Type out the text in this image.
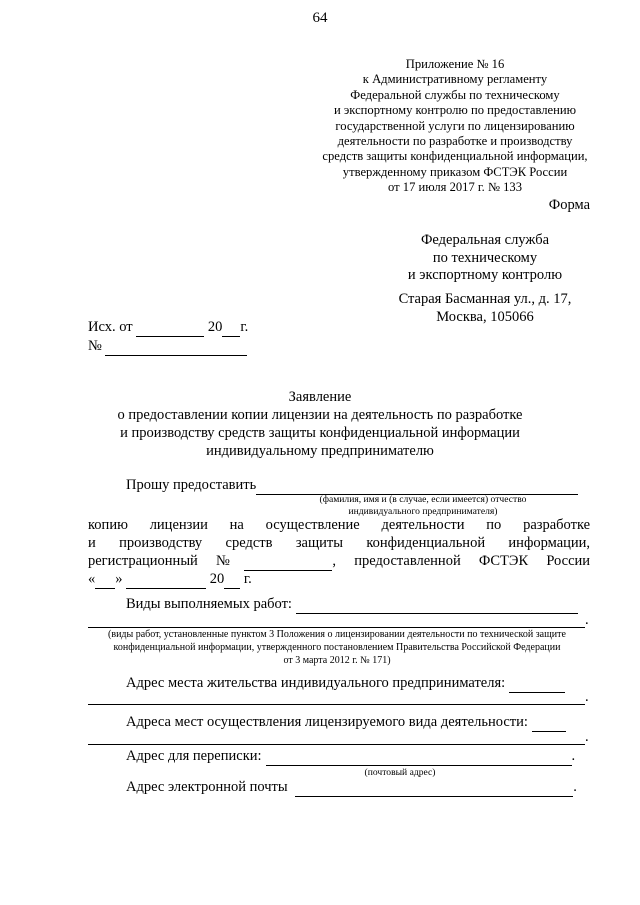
64
Приложение № 16
к Административному регламенту
Федеральной службы по техническому
и экспортному контролю по предоставлению
государственной услуги по лицензированию
деятельности по разработке и производству
средств защиты конфиденциальной информации,
утвержденному приказом ФСТЭК России
от 17 июля 2017 г. № 133
Форма
Федеральная служба
по техническому
и экспортному контролю
Старая Басманная ул., д. 17,
Москва, 105066
Исх. от	20 г.
№
Заявление
о предоставлении копии лицензии на деятельность по разработке
и производству средств защиты конфиденциальной информации
индивидуальному предпринимателю
Прошу предоставить
(фамилия, имя и (в случае, если имеется) отчество
индивидуального предпринимателя)
копию лицензии на осуществление деятельности по разработке
и производству средств защиты конфиденциальной информации,
регистрационный №	, предоставленной ФСТЭК России
« »	20 г.
Виды выполняемых работ:
.
(виды работ, установленные пунктом 3 Положения о лицензировании деятельности по технической защите
конфиденциальной информации, утвержденного постановлением Правительства Российской Федерации
от 3 марта 2012 г. № 171)
Адрес места жительства индивидуального предпринимателя:
.
Адреса мест осуществления лицензируемого вида деятельности:
.
Адрес для переписки:	.
(почтовый адрес)
Адрес электронной почты	.
